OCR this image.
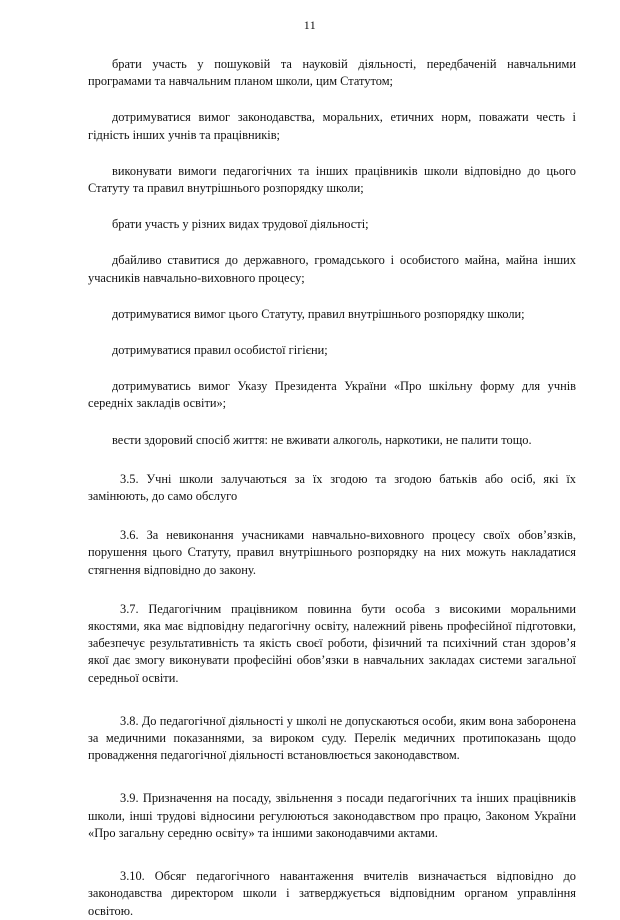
11

брати участь у пошуковій та науковій діяльності, передбаченій навчальними програмами та навчальним планом школи, цим Статутом;

дотримуватися вимог законодавства, моральних, етичних норм, поважати честь і гідність інших учнів та працівників;

виконувати вимоги педагогічних та інших працівників школи відповідно до цього Статуту та правил внутрішнього розпорядку школи;

брати участь у різних видах трудової діяльності;

дбайливо ставитися до державного, громадського і особистого майна, майна інших учасників навчально-виховного процесу;

дотримуватися вимог цього Статуту, правил внутрішнього розпорядку школи;

дотримуватися правил особистої гігієни;

дотримуватись вимог Указу Президента України «Про шкільну форму для учнів середніх закладів освіти»;

вести здоровий спосіб життя: не вживати алкоголь, наркотики, не палити тощо.

3.5. Учні школи залучаються за їх згодою та згодою батьків або осіб, які їх замінюють, до само обслуго

3.6. За невиконання учасниками навчально-виховного процесу своїх обов’язків, порушення цього Статуту, правил внутрішнього розпорядку на них можуть накладатися стягнення відповідно до закону.

3.7. Педагогічним працівником повинна бути особа з високими моральними якостями, яка має відповідну педагогічну освіту, належний рівень професійної підготовки, забезпечує результативність та якість своєї роботи, фізичний та психічний стан здоров’я якої дає змогу виконувати професійні обов’язки в навчальних закладах системи загальної середньої освіти.

3.8. До педагогічної діяльності у школі не допускаються особи, яким вона заборонена за медичними показаннями, за вироком суду. Перелік медичних протипоказань щодо провадження педагогічної діяльності встановлюється законодавством.

3.9. Призначення на посаду, звільнення з посади педагогічних та інших працівників школи, інші трудові відносини регулюються законодавством про працю, Законом України «Про загальну середню освіту» та іншими законодавчими актами.

3.10. Обсяг педагогічного навантаження вчителів визначається відповідно до законодавства директором школи і затверджується відповідним органом управління освітою.
